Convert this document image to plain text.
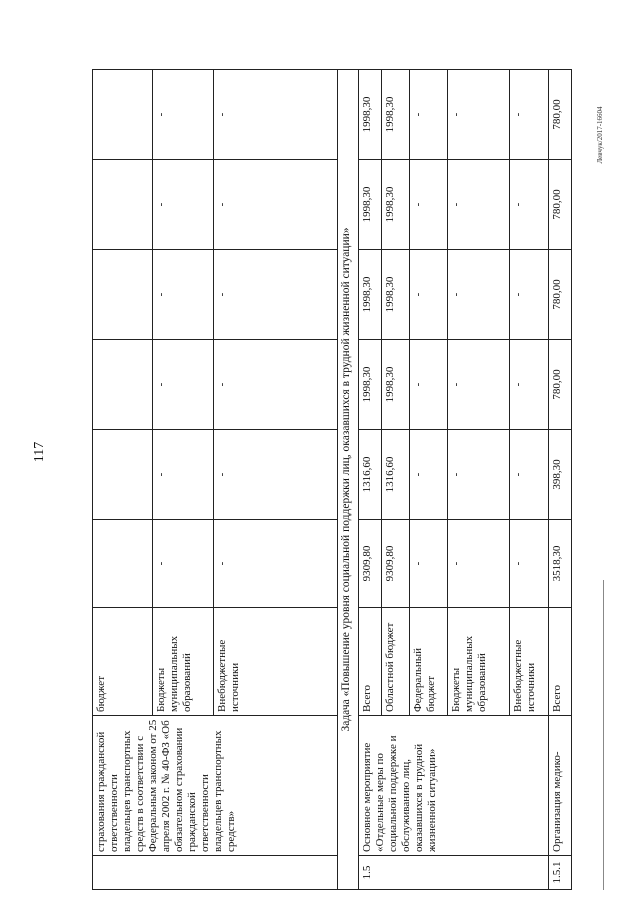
117
Левчук/2017-16604
	страхования гражданской ответственности владельцев транспортных средств в соответствии с Федеральным законом от 25 апреля 2002 г. № 40-ФЗ «Об обязательном страховании гражданской ответственности владельцев транспортных средств»	бюджет						
		Бюджеты муниципальных образований	-	-	-	-	-	-
		Внебюджетные источники	-	-	-	-	-	-
Задача «Повышение уровня социальной поддержки лиц, оказавшихся в трудной жизненной ситуации»								
1.5	Основное мероприятие «Отдельные меры по социальной поддержке и обслуживанию лиц, оказавшихся в трудной жизненной ситуации»	Всего	9309,80	1316,60	1998,30	1998,30	1998,30	1998,30
		Областной бюджет	9309,80	1316,60	1998,30	1998,30	1998,30	1998,30
		Федеральный бюджет	-	-	-	-	-	-
		Бюджеты муниципальных образований	-	-	-	-	-	-
		Внебюджетные источники	-	-	-	-	-	-
1.5.1	Организация медико-	Всего	3518,30	398,30	780,00	780,00	780,00	780,00
